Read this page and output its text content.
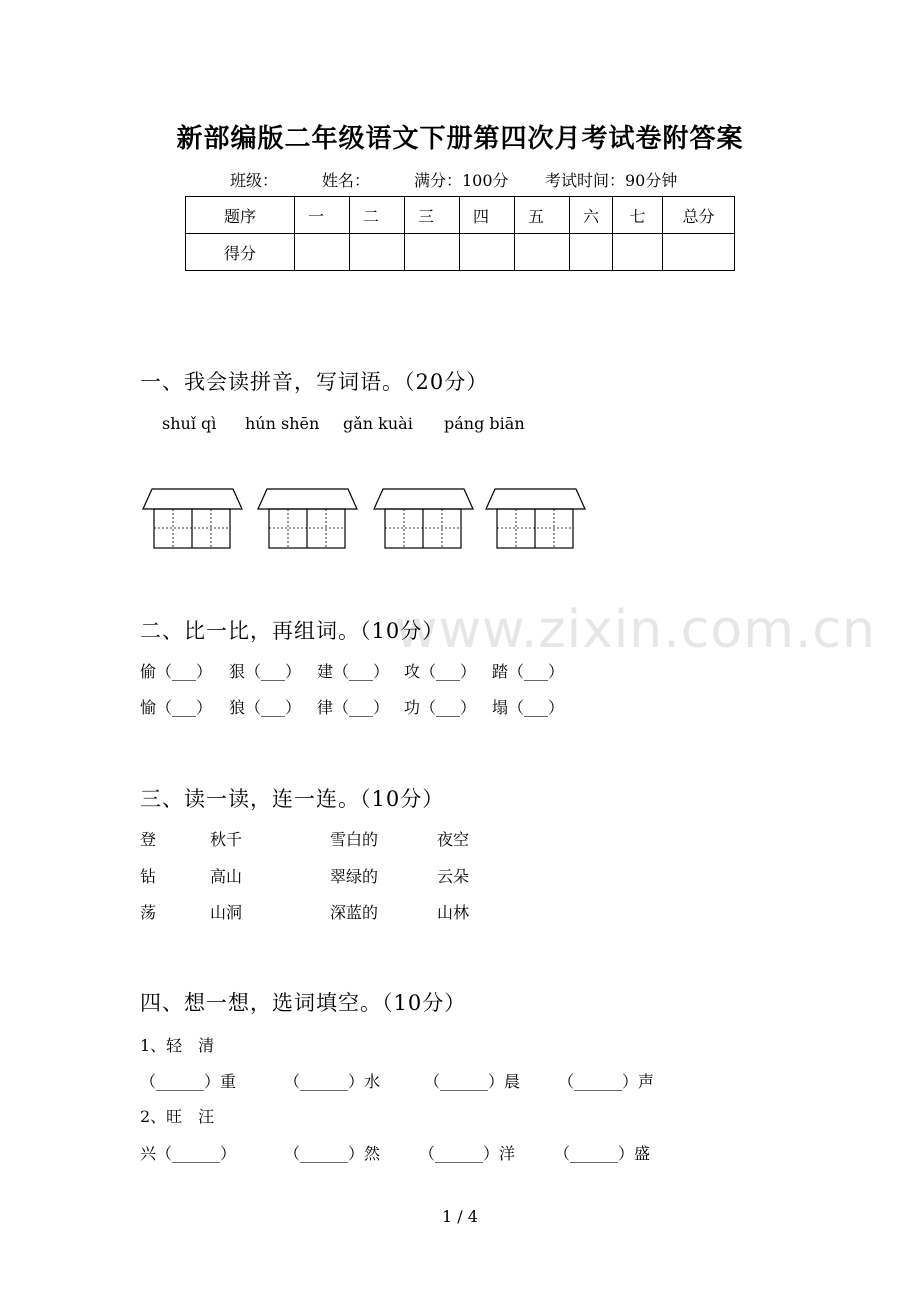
www.zixin.com.cn
新部编版二年级语文下册第四次月考试卷附答案
班级：	姓名：	满分：100分 考试时间：90分钟
题序	一	二	三	四	五	六	七	总分
得分								
一、我会读拼音，写词语。（20分）
shuǐ qì hún shēn gǎn kuài páng biān
二、比一比，再组词。（10分）
偷（___） 狠（___） 建（___） 攻（___） 踏（___）
愉（___） 狼（___） 律（___） 功（___） 塌（___）
三、读一读，连一连。（10分）
登	秋千	雪白的	夜空
钻	高山	翠绿的	云朵
荡	山洞	深蓝的	山林
四、想一想，选词填空。（10分）
1、轻　清
（______）重	（______）水	（______）晨 （______）声
2、旺　汪
兴（______）	（______）然 （______）洋 （______）盛
1 / 4
